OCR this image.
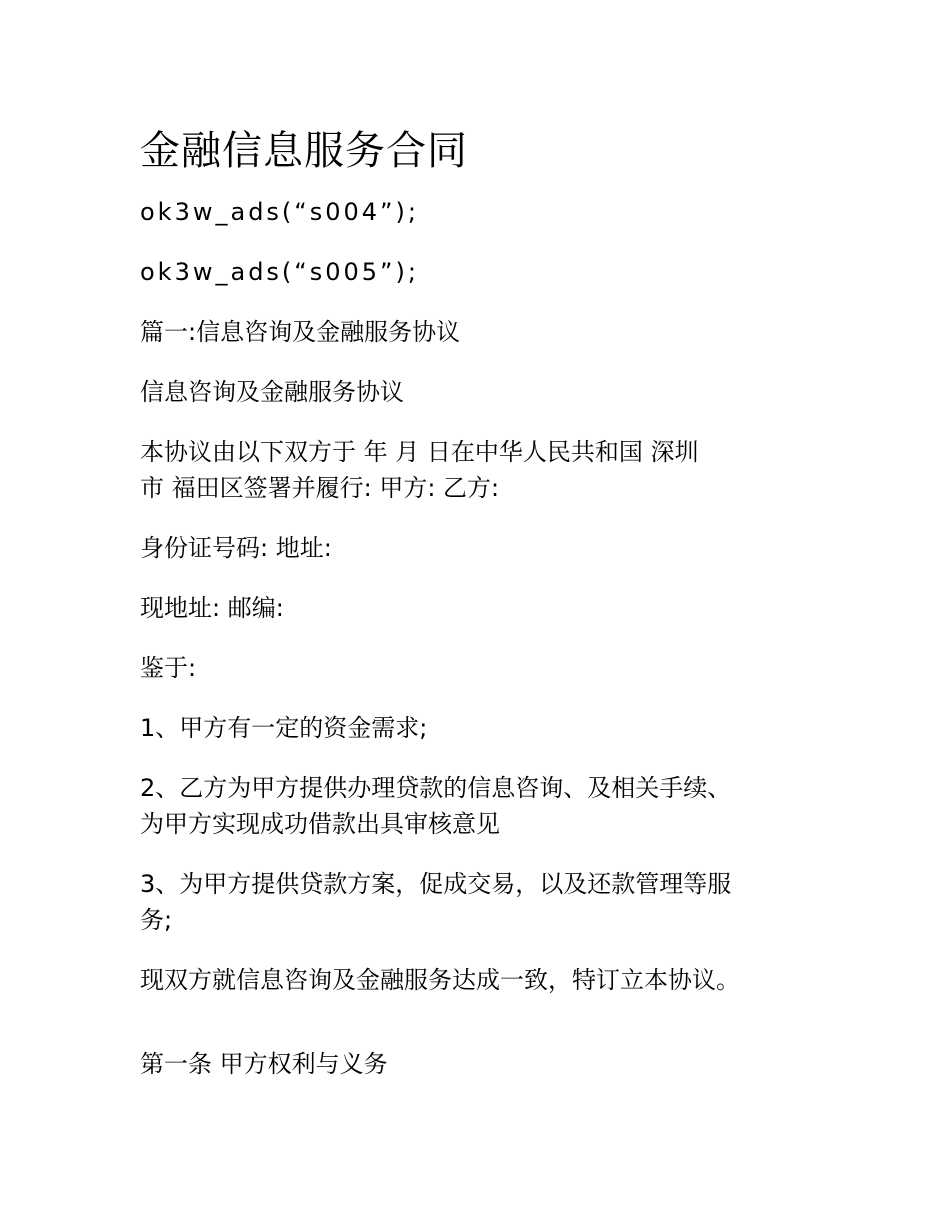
金融信息服务合同

ok3w_ads(“s004”);

ok3w_ads(“s005”);

篇一:信息咨询及金融服务协议

信息咨询及金融服务协议

本协议由以下双方于 年 月 日在中华人民共和国 深圳
市 福田区签署并履行: 甲方: 乙方:

身份证号码: 地址:

现地址: 邮编:

鉴于:

1、甲方有一定的资金需求;

2、乙方为甲方提供办理贷款的信息咨询、及相关手续、
为甲方实现成功借款出具审核意见

3、为甲方提供贷款方案，促成交易，以及还款管理等服
务;

现双方就信息咨询及金融服务达成一致，特订立本协议。

第一条 甲方权利与义务
